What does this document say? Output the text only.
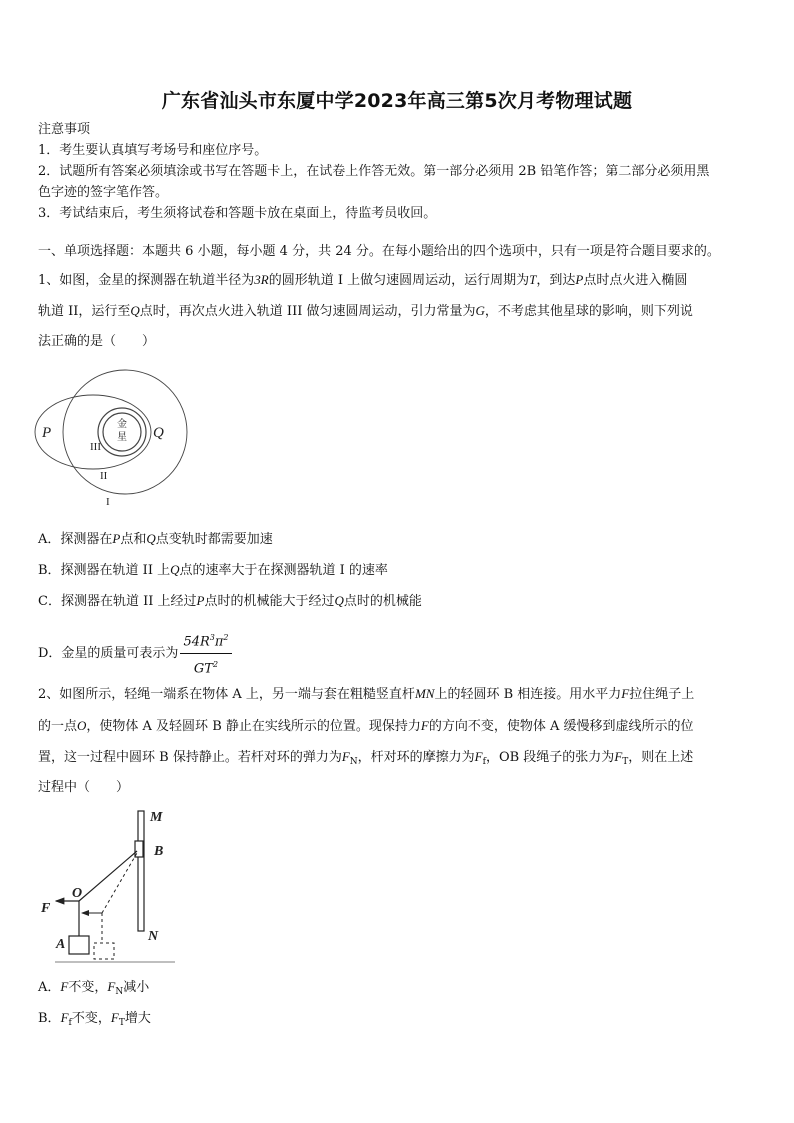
广东省汕头市东厦中学2023年高三第5次月考物理试题
注意事项
1．考生要认真填写考场号和座位序号。
2．试题所有答案必须填涂或书写在答题卡上，在试卷上作答无效。第一部分必须用 2B 铅笔作答；第二部分必须用黑
色字迹的签字笔作答。
3．考试结束后，考生须将试卷和答题卡放在桌面上，待监考员收回。
一、单项选择题：本题共 6 小题，每小题 4 分，共 24 分。在每小题给出的四个选项中，只有一项是符合题目要求的。
1、如图，金星的探测器在轨道半径为3R的圆形轨道 I 上做匀速圆周运动，运行周期为T，到达P点时点火进入椭圆
轨道 II，运行至Q点时，再次点火进入轨道 III 做匀速圆周运动，引力常量为G，不考虑其他星球的影响，则下列说
法正确的是（　　）
金
星
P	Q
III
II
I
A．探测器在P点和Q点变轨时都需要加速
B．探测器在轨道 II 上Q点的速率大于在探测器轨道 I 的速率
C．探测器在轨道 II 上经过P点时的机械能大于经过Q点时的机械能
D．金星的质量可表示为 $\frac{54R^3\pi^2}{GT^2}$
2、如图所示，轻绳一端系在物体 A 上，另一端与套在粗糙竖直杆MN上的轻圆环 B 相连接。用水平力F拉住绳子上
的一点O，使物体 A 及轻圆环 B 静止在实线所示的位置。现保持力F的方向不变，使物体 A 缓慢移到虚线所示的位
置，这一过程中圆环 B 保持静止。若杆对环的弹力为$F_N$，杆对环的摩擦力为$F_f$，OB 段绳子的张力为$F_T$，则在上述
过程中（　　）
M
B
N
O
F
A
A．F不变，$F_N$减小
B．$F_f$不变，$F_T$增大
